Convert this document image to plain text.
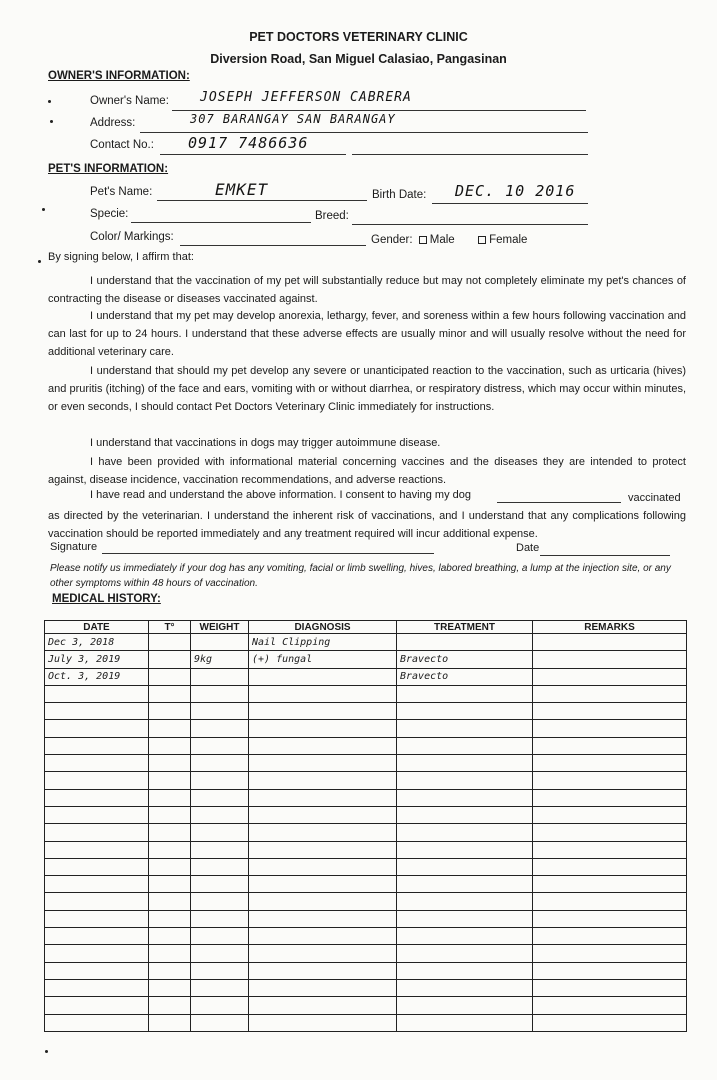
PET DOCTORS VETERINARY CLINIC
Diversion Road, San Miguel Calasiao, Pangasinan
OWNER'S INFORMATION:
Owner's Name: JOSEPH JEFFERSON CABRERA
Address:	307 BARANGAY SAN BARANGAY
Contact No.: 0917 7486636
PET'S INFORMATION:
Pet's Name:	EMKET	Birth Date: DEC. 10 2016
Specie:	Breed:
Color/ Markings:	Gender: Male	Female
By signing below, I affirm that:

I understand that the vaccination of my pet will substantially reduce but may not completely eliminate my pet's chances of contracting the disease or diseases vaccinated against.

I understand that my pet may develop anorexia, lethargy, fever, and soreness within a few hours following vaccination and can last for up to 24 hours. I understand that these adverse effects are usually minor and will usually resolve without the need for additional veterinary care.

I understand that should my pet develop any severe or unanticipated reaction to the vaccination, such as urticaria (hives) and pruritis (itching) of the face and ears, vomiting with or without diarrhea, or respiratory distress, which may occur within minutes, or even seconds, I should contact Pet Doctors Veterinary Clinic immediately for instructions.

I understand that vaccinations in dogs may trigger autoimmune disease.

I have been provided with informational material concerning vaccines and the diseases they are intended to protect against, disease incidence, vaccination recommendations, and adverse reactions.

I have read and understand the above information. I consent to having my dog	vaccinated as directed by the veterinarian. I understand the inherent risk of vaccinations, and I understand that any complications following vaccination should be reported immediately and any treatment required will incur additional expense.

Signature	Date

Please notify us immediately if your dog has any vomiting, facial or limb swelling, hives, labored breathing, a lump at the injection site, or any other symptoms within 48 hours of vaccination.

MEDICAL HISTORY:
DATE	T°	WEIGHT	DIAGNOSIS	TREATMENT	REMARKS
Dec 3, 2018			Nail Clipping		
July 3, 2019		9kg	(+) fungal	Bravecto	
Oct. 3, 2019				Bravecto	
